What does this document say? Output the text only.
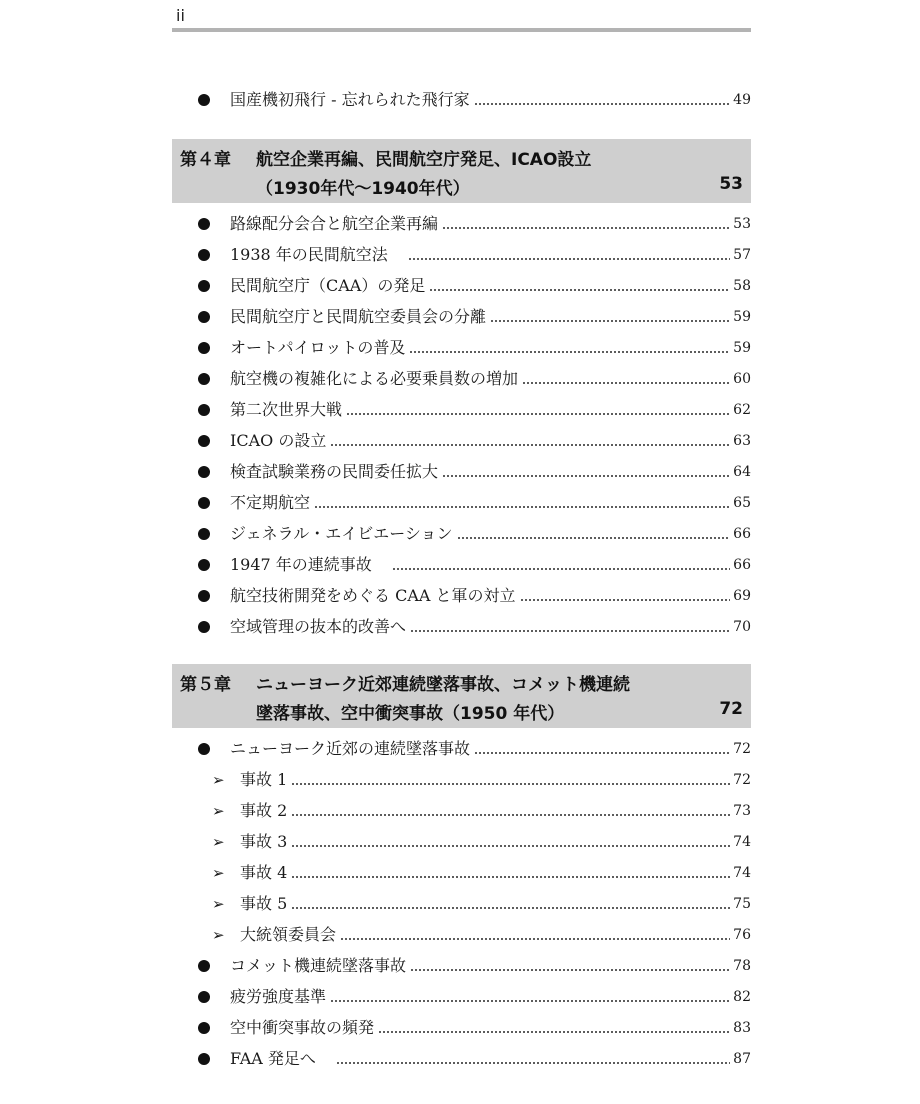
ii
国産機初飛行 - 忘れられた飛行家	49
第４章 航空企業再編、民間航空庁発足、ICAO設立
（1930年代～1940年代）	53
路線配分会合と航空企業再編	53
1938 年の民間航空法　	57
民間航空庁（CAA）の発足	58
民間航空庁と民間航空委員会の分離	59
オートパイロットの普及	59
航空機の複雑化による必要乗員数の増加	60
第二次世界大戦	62
ICAO の設立	63
検査試験業務の民間委任拡大	64
不定期航空	65
ジェネラル・エイビエーション	66
1947 年の連続事故　	66
航空技術開発をめぐる CAA と軍の対立	69
空域管理の抜本的改善へ	70
第５章 ニューヨーク近郊連続墜落事故、コメット機連続
墜落事故、空中衝突事故（1950 年代）	72
ニューヨーク近郊の連続墜落事故	72
➢ 事故 1	72
➢ 事故 2	73
➢ 事故 3	74
➢ 事故 4	74
➢ 事故 5	75
➢ 大統領委員会	76
コメット機連続墜落事故	78
疲労強度基準	82
空中衝突事故の頻発	83
FAA 発足へ　	87
